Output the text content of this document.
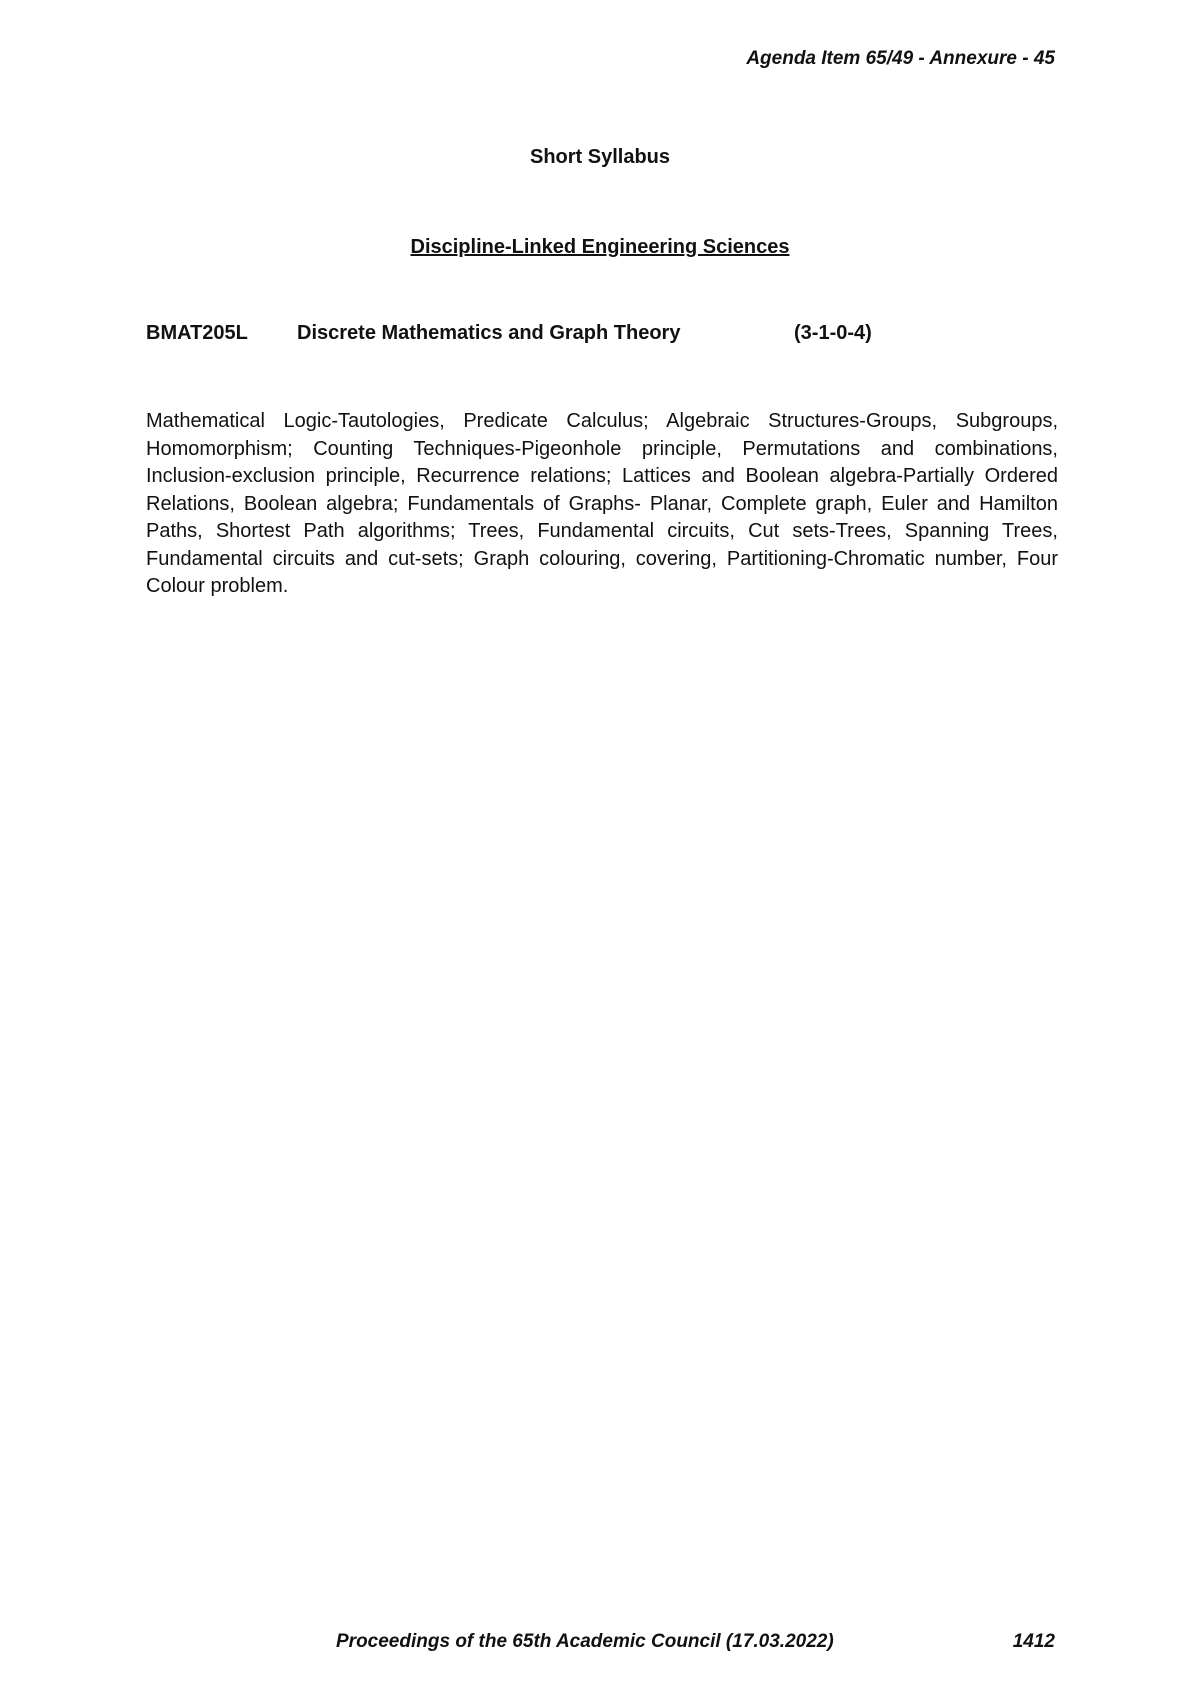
Agenda Item 65/49 - Annexure - 45
Short Syllabus
Discipline-Linked Engineering Sciences
BMAT205L Discrete Mathematics and Graph Theory	(3-1-0-4)

Mathematical Logic-Tautologies, Predicate Calculus; Algebraic Structures-Groups, Subgroups, Homomorphism; Counting Techniques-Pigeonhole principle, Permutations and combinations, Inclusion-exclusion principle, Recurrence relations; Lattices and Boolean algebra-Partially Ordered Relations, Boolean algebra; Fundamentals of Graphs- Planar, Complete graph, Euler and Hamilton Paths, Shortest Path algorithms; Trees, Fundamental circuits, Cut sets-Trees, Spanning Trees, Fundamental circuits and cut-sets; Graph colouring, covering, Partitioning-Chromatic number, Four Colour problem.

Proceedings of the 65th Academic Council (17.03.2022)	1412
